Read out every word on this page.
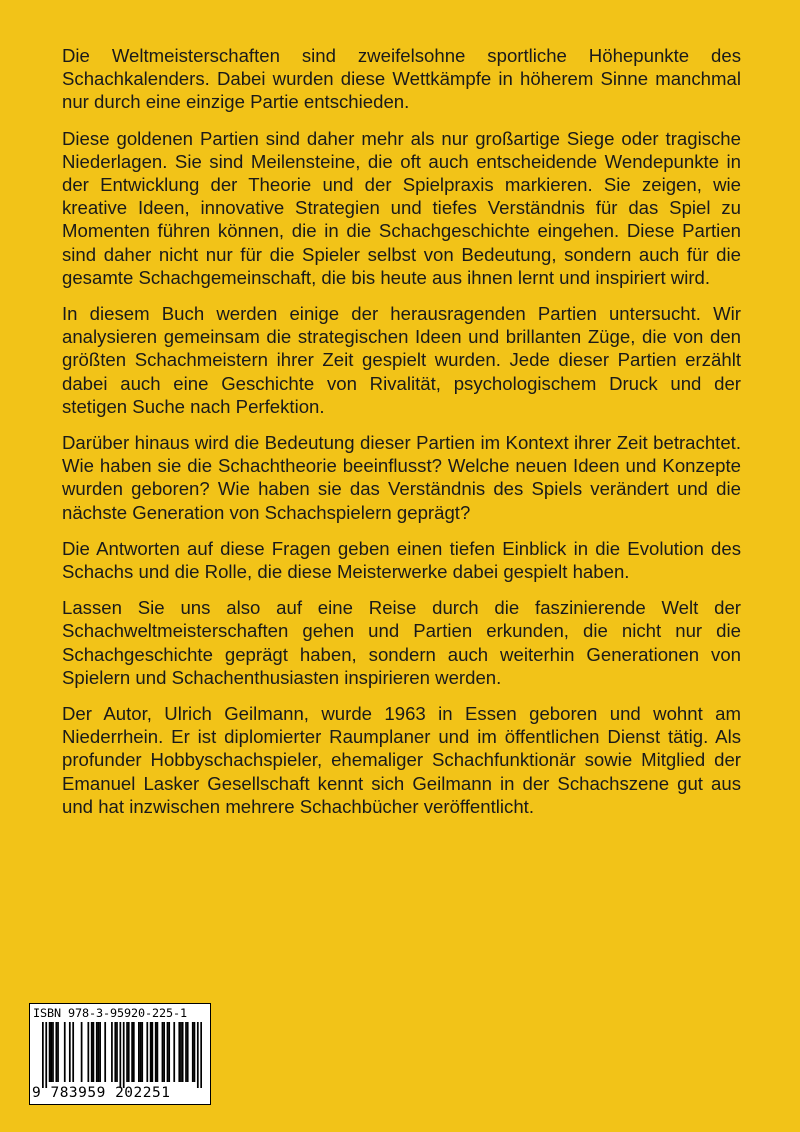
Die Weltmeisterschaften sind zweifelsohne sportliche Höhepunkte des Schachkalenders. Dabei wurden diese Wettkämpfe in höherem Sinne manchmal nur durch eine einzige Partie entschieden.

Diese goldenen Partien sind daher mehr als nur großartige Siege oder tragische Niederlagen. Sie sind Meilensteine, die oft auch entscheidende Wendepunkte in der Entwicklung der Theorie und der Spielpraxis markieren. Sie zeigen, wie kreative Ideen, innovative Strategien und tiefes Verständnis für das Spiel zu Momenten führen können, die in die Schachgeschichte eingehen. Diese Partien sind daher nicht nur für die Spieler selbst von Bedeutung, sondern auch für die gesamte Schachgemeinschaft, die bis heute aus ihnen lernt und inspiriert wird.

In diesem Buch werden einige der herausragenden Partien untersucht. Wir analysieren gemeinsam die strategischen Ideen und brillanten Züge, die von den größten Schachmeistern ihrer Zeit gespielt wurden. Jede dieser Partien erzählt dabei auch eine Geschichte von Rivalität, psychologischem Druck und der stetigen Suche nach Perfektion.

Darüber hinaus wird die Bedeutung dieser Partien im Kontext ihrer Zeit betrachtet. Wie haben sie die Schachtheorie beeinflusst? Welche neuen Ideen und Konzepte wurden geboren? Wie haben sie das Verständnis des Spiels verändert und die nächste Generation von Schachspielern geprägt?

Die Antworten auf diese Fragen geben einen tiefen Einblick in die Evolution des Schachs und die Rolle, die diese Meisterwerke dabei gespielt haben.

Lassen Sie uns also auf eine Reise durch die faszinierende Welt der Schachweltmeisterschaften gehen und Partien erkunden, die nicht nur die Schachgeschichte geprägt haben, sondern auch weiterhin Generationen von Spielern und Schachenthusiasten inspirieren werden.

Der Autor, Ulrich Geilmann, wurde 1963 in Essen geboren und wohnt am Niederrhein. Er ist diplomierter Raumplaner und im öffentlichen Dienst tätig. Als profunder Hobbyschachspieler, ehemaliger Schachfunktionär sowie Mitglied der Emanuel Lasker Gesellschaft kennt sich Geilmann in der Schachszene gut aus und hat inzwischen mehrere Schachbücher veröffentlicht.

ISBN 978-3-95920-225-1
9 783959 202251
